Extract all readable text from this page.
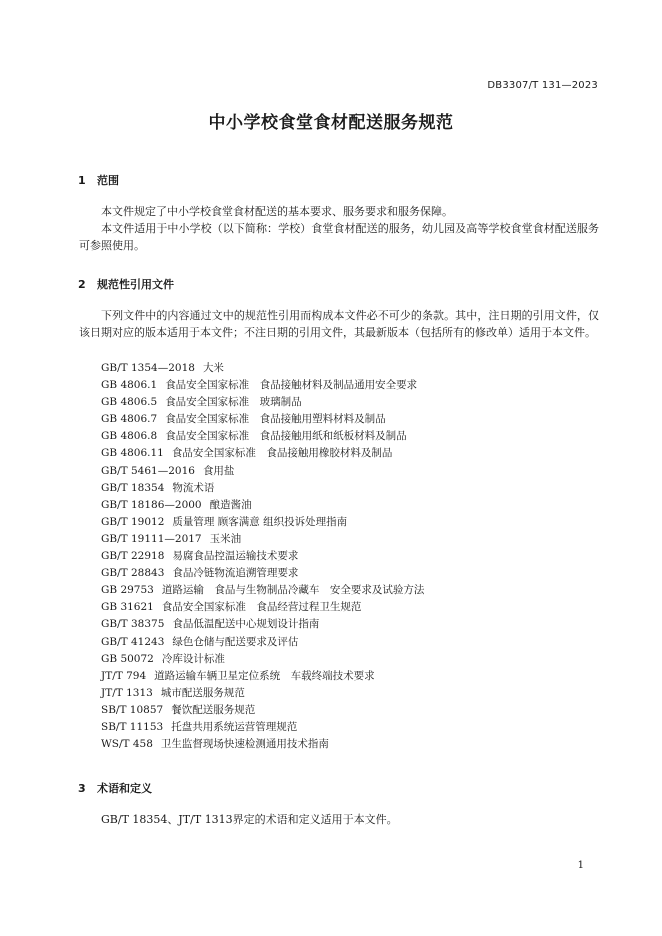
DB3307/T 131—2023
中小学校食堂食材配送服务规范
1 范围
本文件规定了中小学校食堂食材配送的基本要求、服务要求和服务保障。
本文件适用于中小学校（以下简称：学校）食堂食材配送的服务，幼儿园及高等学校食堂食材配送服务可参照使用。
2 规范性引用文件
下列文件中的内容通过文中的规范性引用而构成本文件必不可少的条款。其中，注日期的引用文件，仅该日期对应的版本适用于本文件；不注日期的引用文件，其最新版本（包括所有的修改单）适用于本文件。
GB/T 1354—2018 大米
GB 4806.1 食品安全国家标准　食品接触材料及制品通用安全要求
GB 4806.5 食品安全国家标准　玻璃制品
GB 4806.7 食品安全国家标准　食品接触用塑料材料及制品
GB 4806.8 食品安全国家标准　食品接触用纸和纸板材料及制品
GB 4806.11 食品安全国家标准　食品接触用橡胶材料及制品
GB/T 5461—2016 食用盐
GB/T 18354 物流术语
GB/T 18186—2000 酿造酱油
GB/T 19012 质量管理 顾客满意 组织投诉处理指南
GB/T 19111—2017 玉米油
GB/T 22918 易腐食品控温运输技术要求
GB/T 28843 食品冷链物流追溯管理要求
GB 29753 道路运输　食品与生物制品冷藏车　安全要求及试验方法
GB 31621 食品安全国家标准　食品经营过程卫生规范
GB/T 38375 食品低温配送中心规划设计指南
GB/T 41243 绿色仓储与配送要求及评估
GB 50072 冷库设计标准
JT/T 794 道路运输车辆卫星定位系统　车载终端技术要求
JT/T 1313 城市配送服务规范
SB/T 10857 餐饮配送服务规范
SB/T 11153 托盘共用系统运营管理规范
WS/T 458 卫生监督现场快速检测通用技术指南
3 术语和定义
GB/T 18354、JT/T 1313界定的术语和定义适用于本文件。
1
